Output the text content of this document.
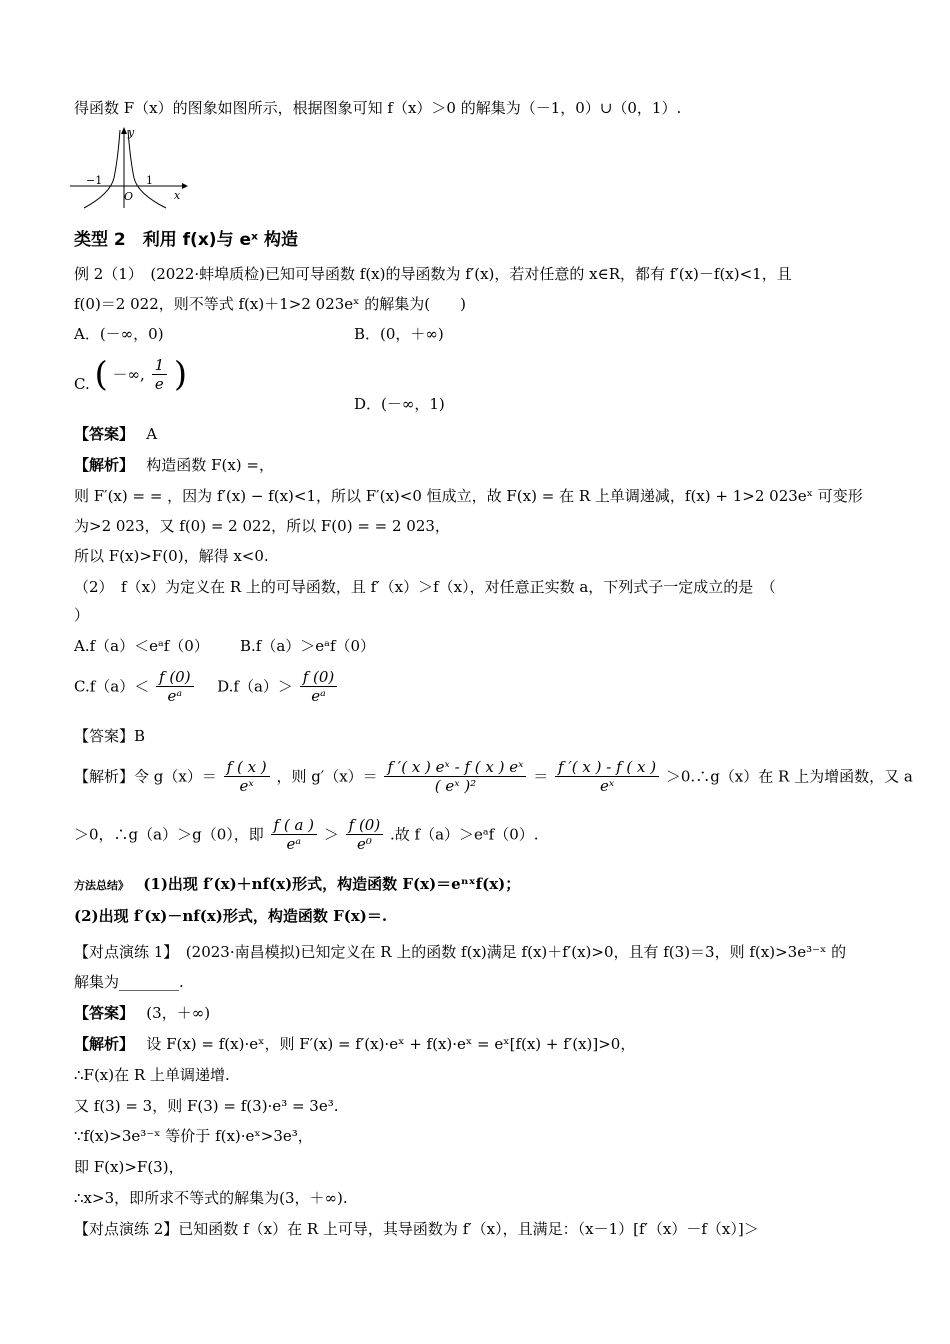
得函数 F（x）的图象如图所示，根据图象可知 f（x）＞0 的解集为（－1，0）∪（0，1）.
y
x
O
−1	1
类型 2　利用 f(x)与 eˣ 构造
例 2（1）　(2022·蚌埠质检)已知可导函数 f(x)的导函数为 f′(x)，若对任意的 x∈R，都有 f′(x)－f(x)<1，且
f(0)＝2 022，则不等式 f(x)＋1>2 023eˣ 的解集为(　　)
A．(－∞，0)	B．(0，＋∞)
C. ( －∞, $\frac{1}{e}$ )
D．(－∞，1)
【答案】　 A
【解析】　 构造函数 F(x) =，
则 F′(x) = = ，因为 f′(x) − f(x)<1，所以 F′(x)<0 恒成立，故 F(x) = 在 R 上单调递减，f(x) + 1>2 023eˣ 可变形
为>2 023，又 f(0) = 2 022，所以 F(0) = = 2 023，
所以 F(x)>F(0)，解得 x<0.
（2）　f（x）为定义在 R 上的可导函数，且 f′（x）＞f（x），对任意正实数 a，下列式子一定成立的是　（
）
A.f（a）＜eᵃf（0） B.f（a）＞eᵃf（0）
$C.f(a)< \frac{f (0)}{\text{eᵃ}} D.f(a)> \frac{f (0)}{\text{eᵃ}}$
【答案】B
【解析】令 $g(x)= \frac{f ( x )}{\text{eˣ}}$ ，则 $g'(x)= \frac{\text{f ′( x ) eˣ - f ( x ) eˣ}}{\text{( eˣ )²}} = \frac{f '( x ) - f ( x )}{\text{eˣ}}$ ＞0.∴g（x）在 R 上为增函数，又 a
＞0，∴g（a）＞g（0），即 $\frac{f ( a )}{\text{eᵃ}} > \frac{f (0)}{\text{e⁰}}$ .故 f（a）＞eᵃf（0）.
方法总结》　 (1)出现 f′(x)＋nf(x)形式，构造函数 F(x)＝eⁿˣf(x)；
(2)出现 f′(x)－nf(x)形式，构造函数 F(x)＝.
【对点演练 1】　(2023·南昌模拟)已知定义在 R 上的函数 f(x)满足 f(x)＋f′(x)>0，且有 f(3)＝3，则 f(x)>3e³⁻ˣ 的
解集为________.
【答案】　 (3，＋∞)
【解析】　 设 F(x) = f(x)·eˣ，则 F′(x) = f′(x)·eˣ + f(x)·eˣ = eˣ[f(x) + f′(x)]>0，
∴F(x)在 R 上单调递增.
又 f(3) = 3，则 F(3) = f(3)·e³ = 3e³.
∵f(x)>3e³⁻ˣ 等价于 f(x)·eˣ>3e³，
即 F(x)>F(3)，
∴x>3，即所求不等式的解集为(3，＋∞).
【对点演练 2】已知函数 f（x）在 R 上可导，其导函数为 f′（x），且满足：（x－1）[f′（x）－f（x）]＞
